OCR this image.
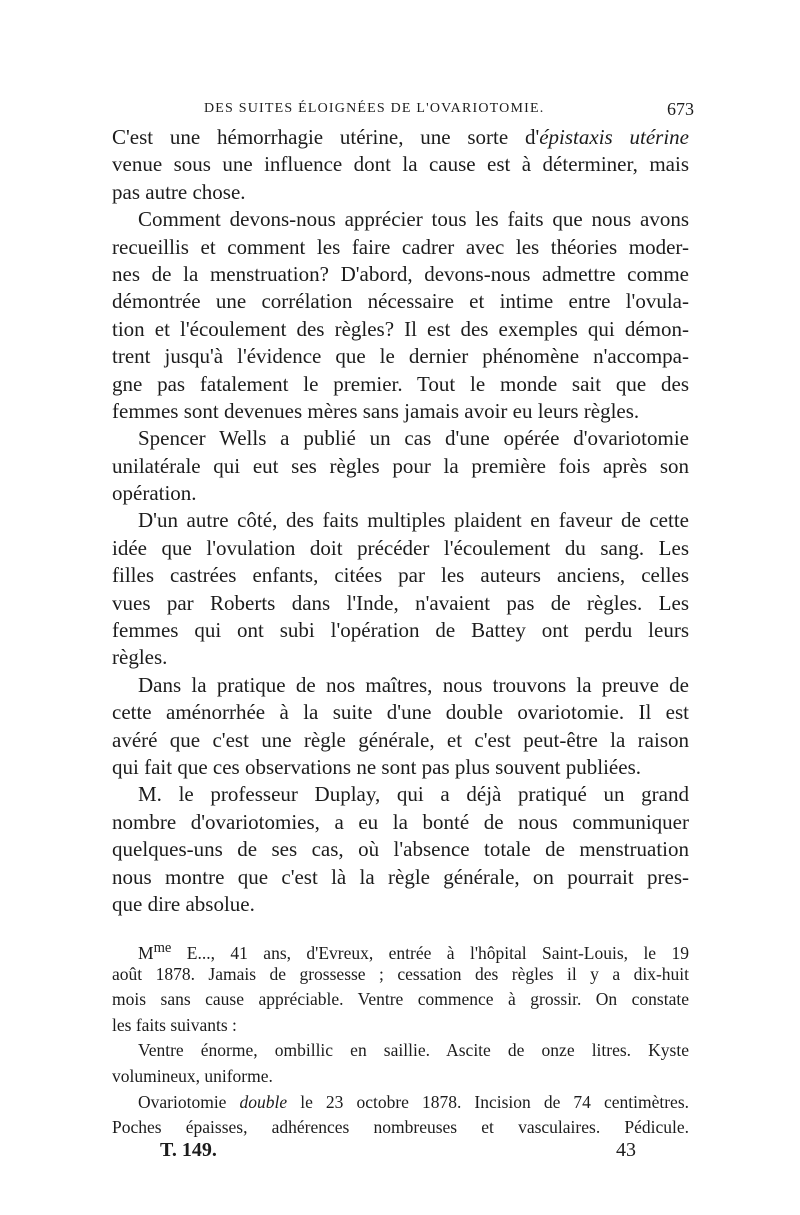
DES SUITES ÉLOIGNÉES DE L'OVARIOTOMIE.	673
C'est une hémorrhagie utérine, une sorte d'épistaxis utérine
venue sous une influence dont la cause est à déterminer, mais
pas autre chose.
Comment devons-nous apprécier tous les faits que nous avons
recueillis et comment les faire cadrer avec les théories moder-
nes de la menstruation? D'abord, devons-nous admettre comme
démontrée une corrélation nécessaire et intime entre l'ovula-
tion et l'écoulement des règles? Il est des exemples qui démon-
trent jusqu'à l'évidence que le dernier phénomène n'accompa-
gne pas fatalement le premier. Tout le monde sait que des
femmes sont devenues mères sans jamais avoir eu leurs règles.
Spencer Wells a publié un cas d'une opérée d'ovariotomie
unilatérale qui eut ses règles pour la première fois après son
opération.
D'un autre côté, des faits multiples plaident en faveur de cette
idée que l'ovulation doit précéder l'écoulement du sang. Les
filles castrées enfants, citées par les auteurs anciens, celles
vues par Roberts dans l'Inde, n'avaient pas de règles. Les
femmes qui ont subi l'opération de Battey ont perdu leurs
règles.
Dans la pratique de nos maîtres, nous trouvons la preuve de
cette aménorrhée à la suite d'une double ovariotomie. Il est
avéré que c'est une règle générale, et c'est peut-être la raison
qui fait que ces observations ne sont pas plus souvent publiées.
M. le professeur Duplay, qui a déjà pratiqué un grand
nombre d'ovariotomies, a eu la bonté de nous communiquer
quelques-uns de ses cas, où l'absence totale de menstruation
nous montre que c'est là la règle générale, on pourrait pres-
que dire absolue.
$M^{me}$ E..., 41 ans, d'Evreux, entrée à l'hôpital Saint-Louis, le 19
août 1878. Jamais de grossesse ; cessation des règles il y a dix-huit
mois sans cause appréciable. Ventre commence à grossir. On constate
les faits suivants :
Ventre énorme, ombillic en saillie. Ascite de onze litres. Kyste
volumineux, uniforme.
Ovariotomie double le 23 octobre 1878. Incision de 74 centimètres.
Poches épaisses, adhérences nombreuses et vasculaires. Pédicule.
T. 149.	43
